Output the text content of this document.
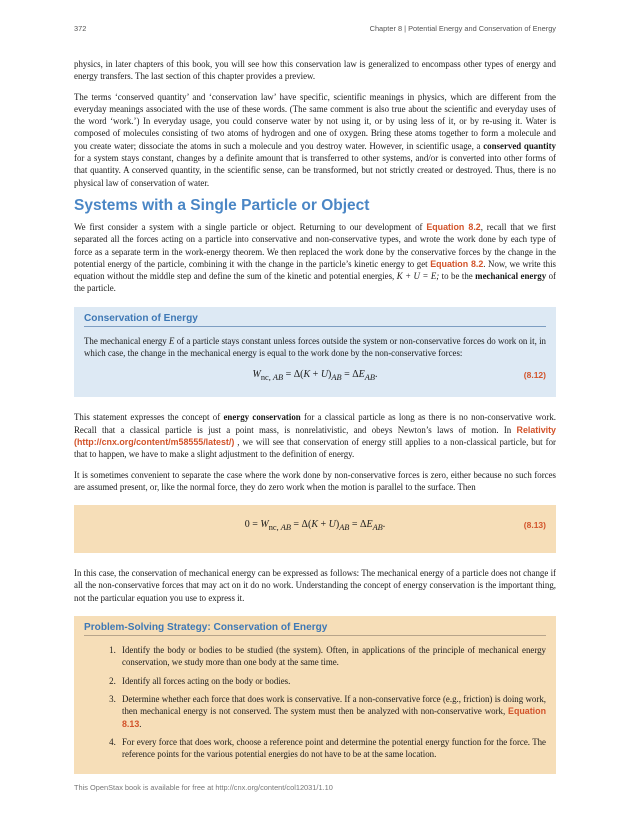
372	Chapter 8 | Potential Energy and Conservation of Energy

physics, in later chapters of this book, you will see how this conservation law is generalized to encompass other types of energy and energy transfers. The last section of this chapter provides a preview.

The terms ‘conserved quantity’ and ‘conservation law’ have specific, scientific meanings in physics, which are different from the everyday meanings associated with the use of these words. (The same comment is also true about the scientific and everyday uses of the word ‘work.’) In everyday usage, you could conserve water by not using it, or by using less of it, or by re-using it. Water is composed of molecules consisting of two atoms of hydrogen and one of oxygen. Bring these atoms together to form a molecule and you create water; dissociate the atoms in such a molecule and you destroy water. However, in scientific usage, a conserved quantity for a system stays constant, changes by a definite amount that is transferred to other systems, and/or is converted into other forms of that quantity. A conserved quantity, in the scientific sense, can be transformed, but not strictly created or destroyed. Thus, there is no physical law of conservation of water.

Systems with a Single Particle or Object

We first consider a system with a single particle or object. Returning to our development of Equation 8.2, recall that we first separated all the forces acting on a particle into conservative and non-conservative types, and wrote the work done by each type of force as a separate term in the work-energy theorem. We then replaced the work done by the conservative forces by the change in the potential energy of the particle, combining it with the change in the particle’s kinetic energy to get Equation 8.2. Now, we write this equation without the middle step and define the sum of the kinetic and potential energies, K + U = E; to be the mechanical energy of the particle.

Conservation of Energy

The mechanical energy E of a particle stays constant unless forces outside the system or non-conservative forces do work on it, in which case, the change in the mechanical energy is equal to the work done by the non-conservative forces:

$W_{nc, AB} = \Delta(K + U)_{AB} = \Delta E_{AB}$.	(8.12)

This statement expresses the concept of energy conservation for a classical particle as long as there is no non-conservative work. Recall that a classical particle is just a point mass, is nonrelativistic, and obeys Newton’s laws of motion. In Relativity (http://cnx.org/content/m58555/latest/) , we will see that conservation of energy still applies to a non-classical particle, but for that to happen, we have to make a slight adjustment to the definition of energy.

It is sometimes convenient to separate the case where the work done by non-conservative forces is zero, either because no such forces are assumed present, or, like the normal force, they do zero work when the motion is parallel to the surface. Then

$0 = W_{nc, AB} = \Delta(K + U)_{AB} = \Delta E_{AB}$.	(8.13)

In this case, the conservation of mechanical energy can be expressed as follows: The mechanical energy of a particle does not change if all the non-conservative forces that may act on it do no work. Understanding the concept of energy conservation is the important thing, not the particular equation you use to express it.

Problem-Solving Strategy: Conservation of Energy
1. Identify the body or bodies to be studied (the system). Often, in applications of the principle of mechanical energy conservation, we study more than one body at the same time.
2. Identify all forces acting on the body or bodies.
3. Determine whether each force that does work is conservative. If a non-conservative force (e.g., friction) is doing work, then mechanical energy is not conserved. The system must then be analyzed with non-conservative work, Equation 8.13.
4. For every force that does work, choose a reference point and determine the potential energy function for the force. The reference points for the various potential energies do not have to be at the same location.
This OpenStax book is available for free at http://cnx.org/content/col12031/1.10
